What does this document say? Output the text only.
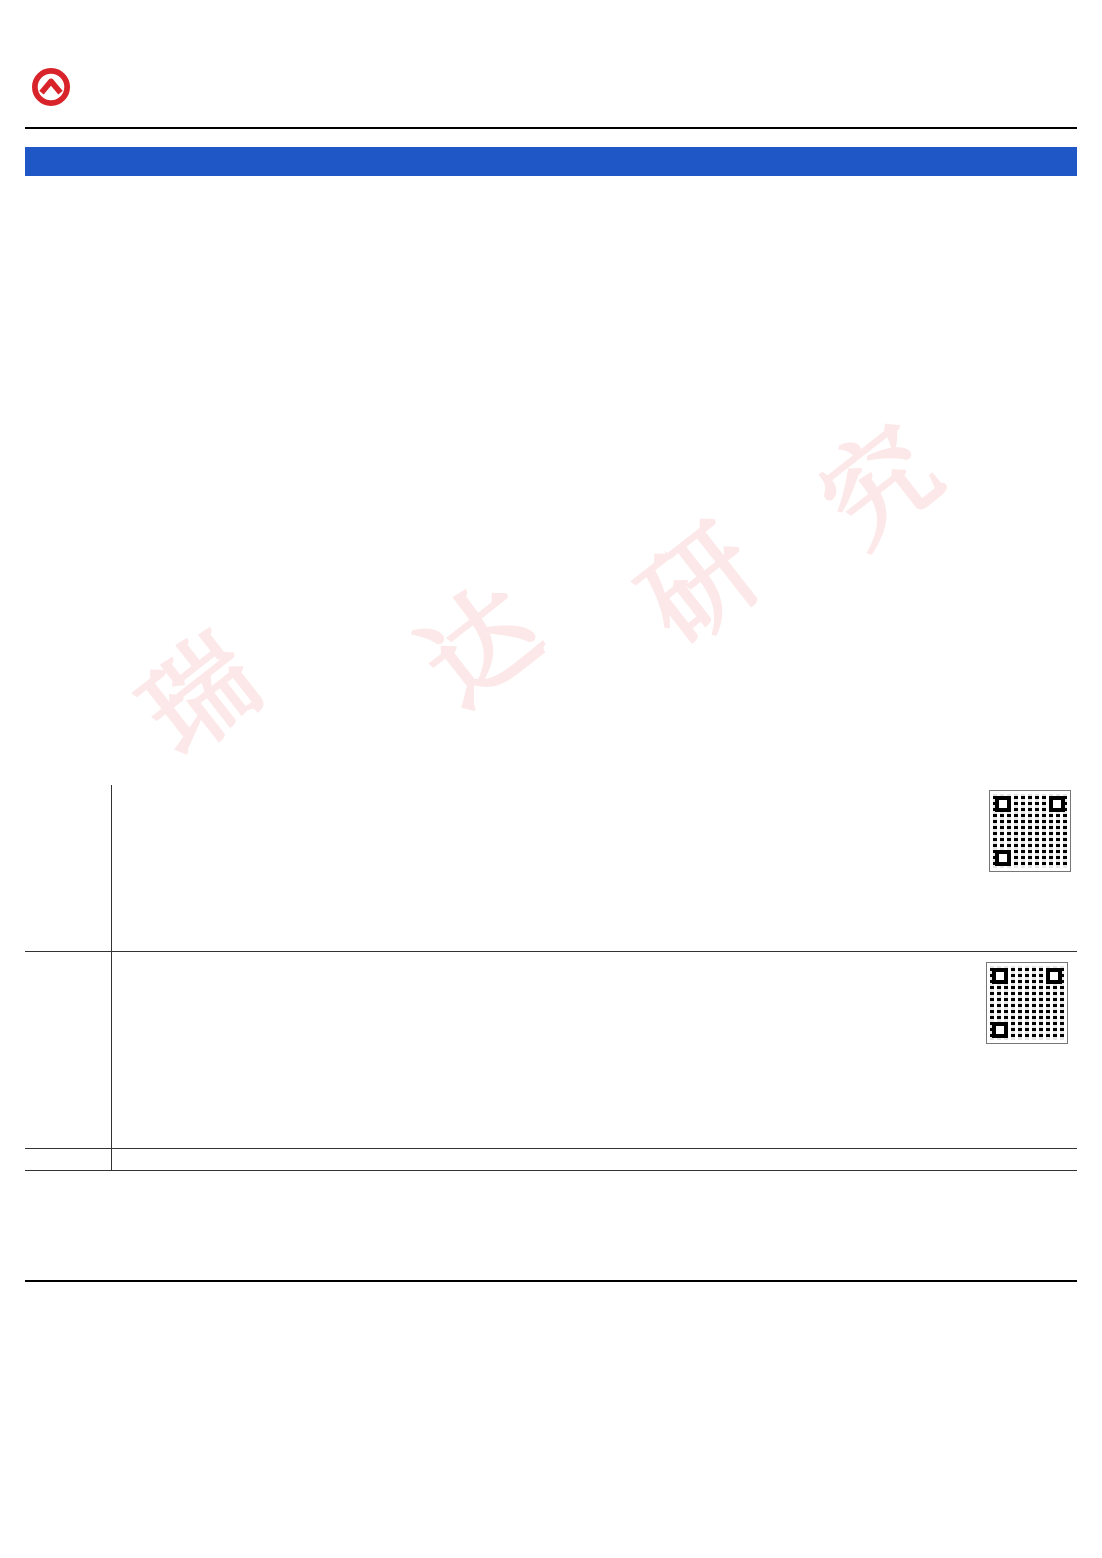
瑞 达 研
究
